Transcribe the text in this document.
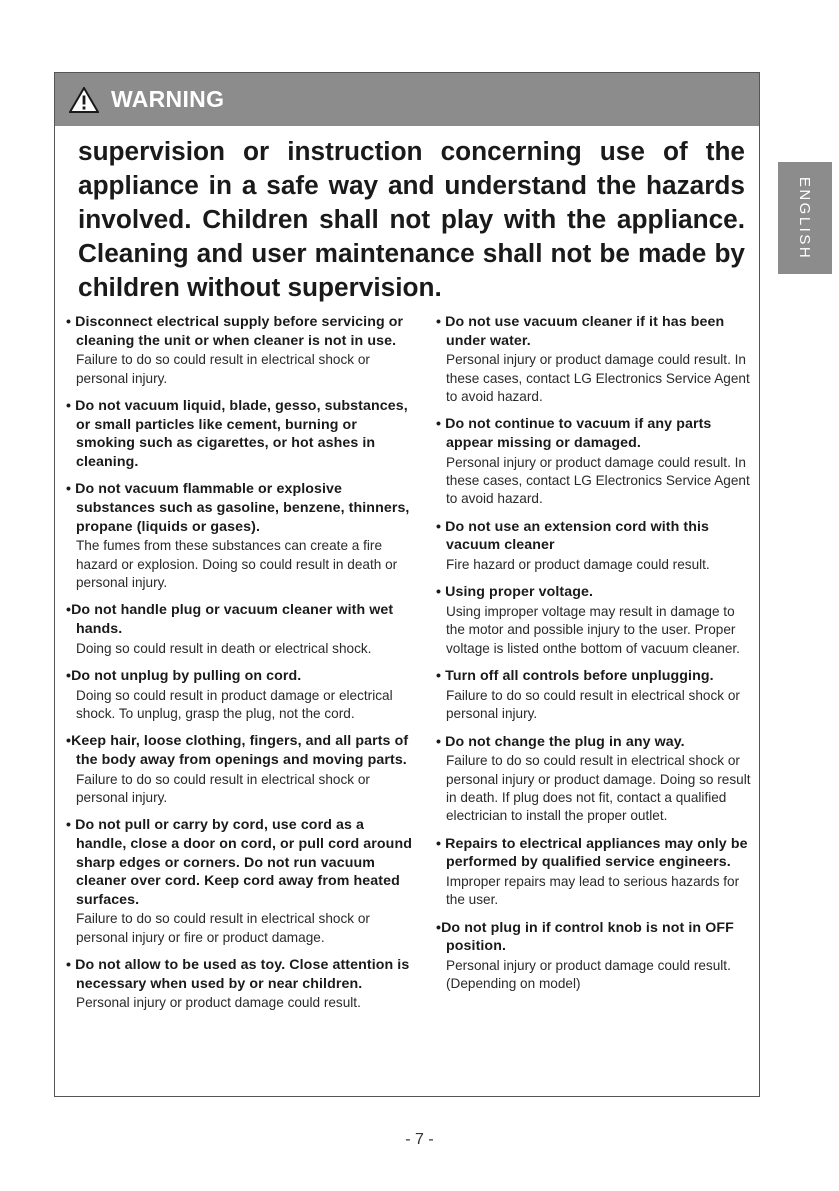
WARNING
supervision or instruction concerning use of the appliance in a safe way and understand the hazards involved. Children shall not play with the appliance. Cleaning and user maintenance shall not be made by children without supervision.
• Disconnect electrical supply before servicing or cleaning the unit or when cleaner is not in use.
Failure to do so could result in electrical shock or personal injury.
• Do not vacuum liquid, blade, gesso, substances, or small particles like cement, burning or smoking such as cigarettes, or hot ashes in cleaning.
• Do not vacuum flammable or explosive substances such as gasoline, benzene, thinners, propane (liquids or gases).
The fumes from these substances can create a fire hazard or explosion. Doing so could result in death or personal injury.
•Do not handle plug or vacuum cleaner with wet hands.
Doing so could result in death or electrical shock.
•Do not unplug by pulling on cord.
Doing so could result in product damage or electrical shock. To unplug, grasp the plug, not the cord.
•Keep hair, loose clothing, fingers, and all parts of the body away from openings and moving parts.
Failure to do so could result in electrical shock or personal injury.
• Do not pull or carry by cord, use cord as a handle, close a door on cord, or pull cord around sharp edges or corners. Do not run vacuum cleaner over cord. Keep cord away from heated surfaces.
Failure to do so could result in electrical shock or personal injury or fire or product damage.
• Do not allow to be used as toy. Close attention is necessary when used by or near children.
Personal injury or product damage could result.
• Do not use vacuum cleaner if it has been under water.
Personal injury or product damage could result. In these cases, contact LG Electronics Service Agent to avoid hazard.
• Do not continue to vacuum if any parts appear missing or damaged.
Personal injury or product damage could result. In these cases, contact LG Electronics Service Agent to avoid hazard.
• Do not use an extension cord with this vacuum cleaner
Fire hazard or product damage could result.
• Using proper voltage.
Using improper voltage may result in damage to the motor and possible injury to the user. Proper voltage is listed onthe bottom of vacuum cleaner.
• Turn off all controls before unplugging.
Failure to do so could result in electrical shock or personal injury.
• Do not change the plug in any way.
Failure to do so could result in electrical shock or personal injury or product damage. Doing so result in death. If plug does not fit, contact a qualified electrician to install the proper outlet.
• Repairs to electrical appliances may only be performed by qualified service engineers.
Improper repairs may lead to serious hazards for the user.
•Do not plug in if control knob is not in OFF position.
Personal injury or product damage could result. (Depending on model)
ENGLISH
- 7 -
